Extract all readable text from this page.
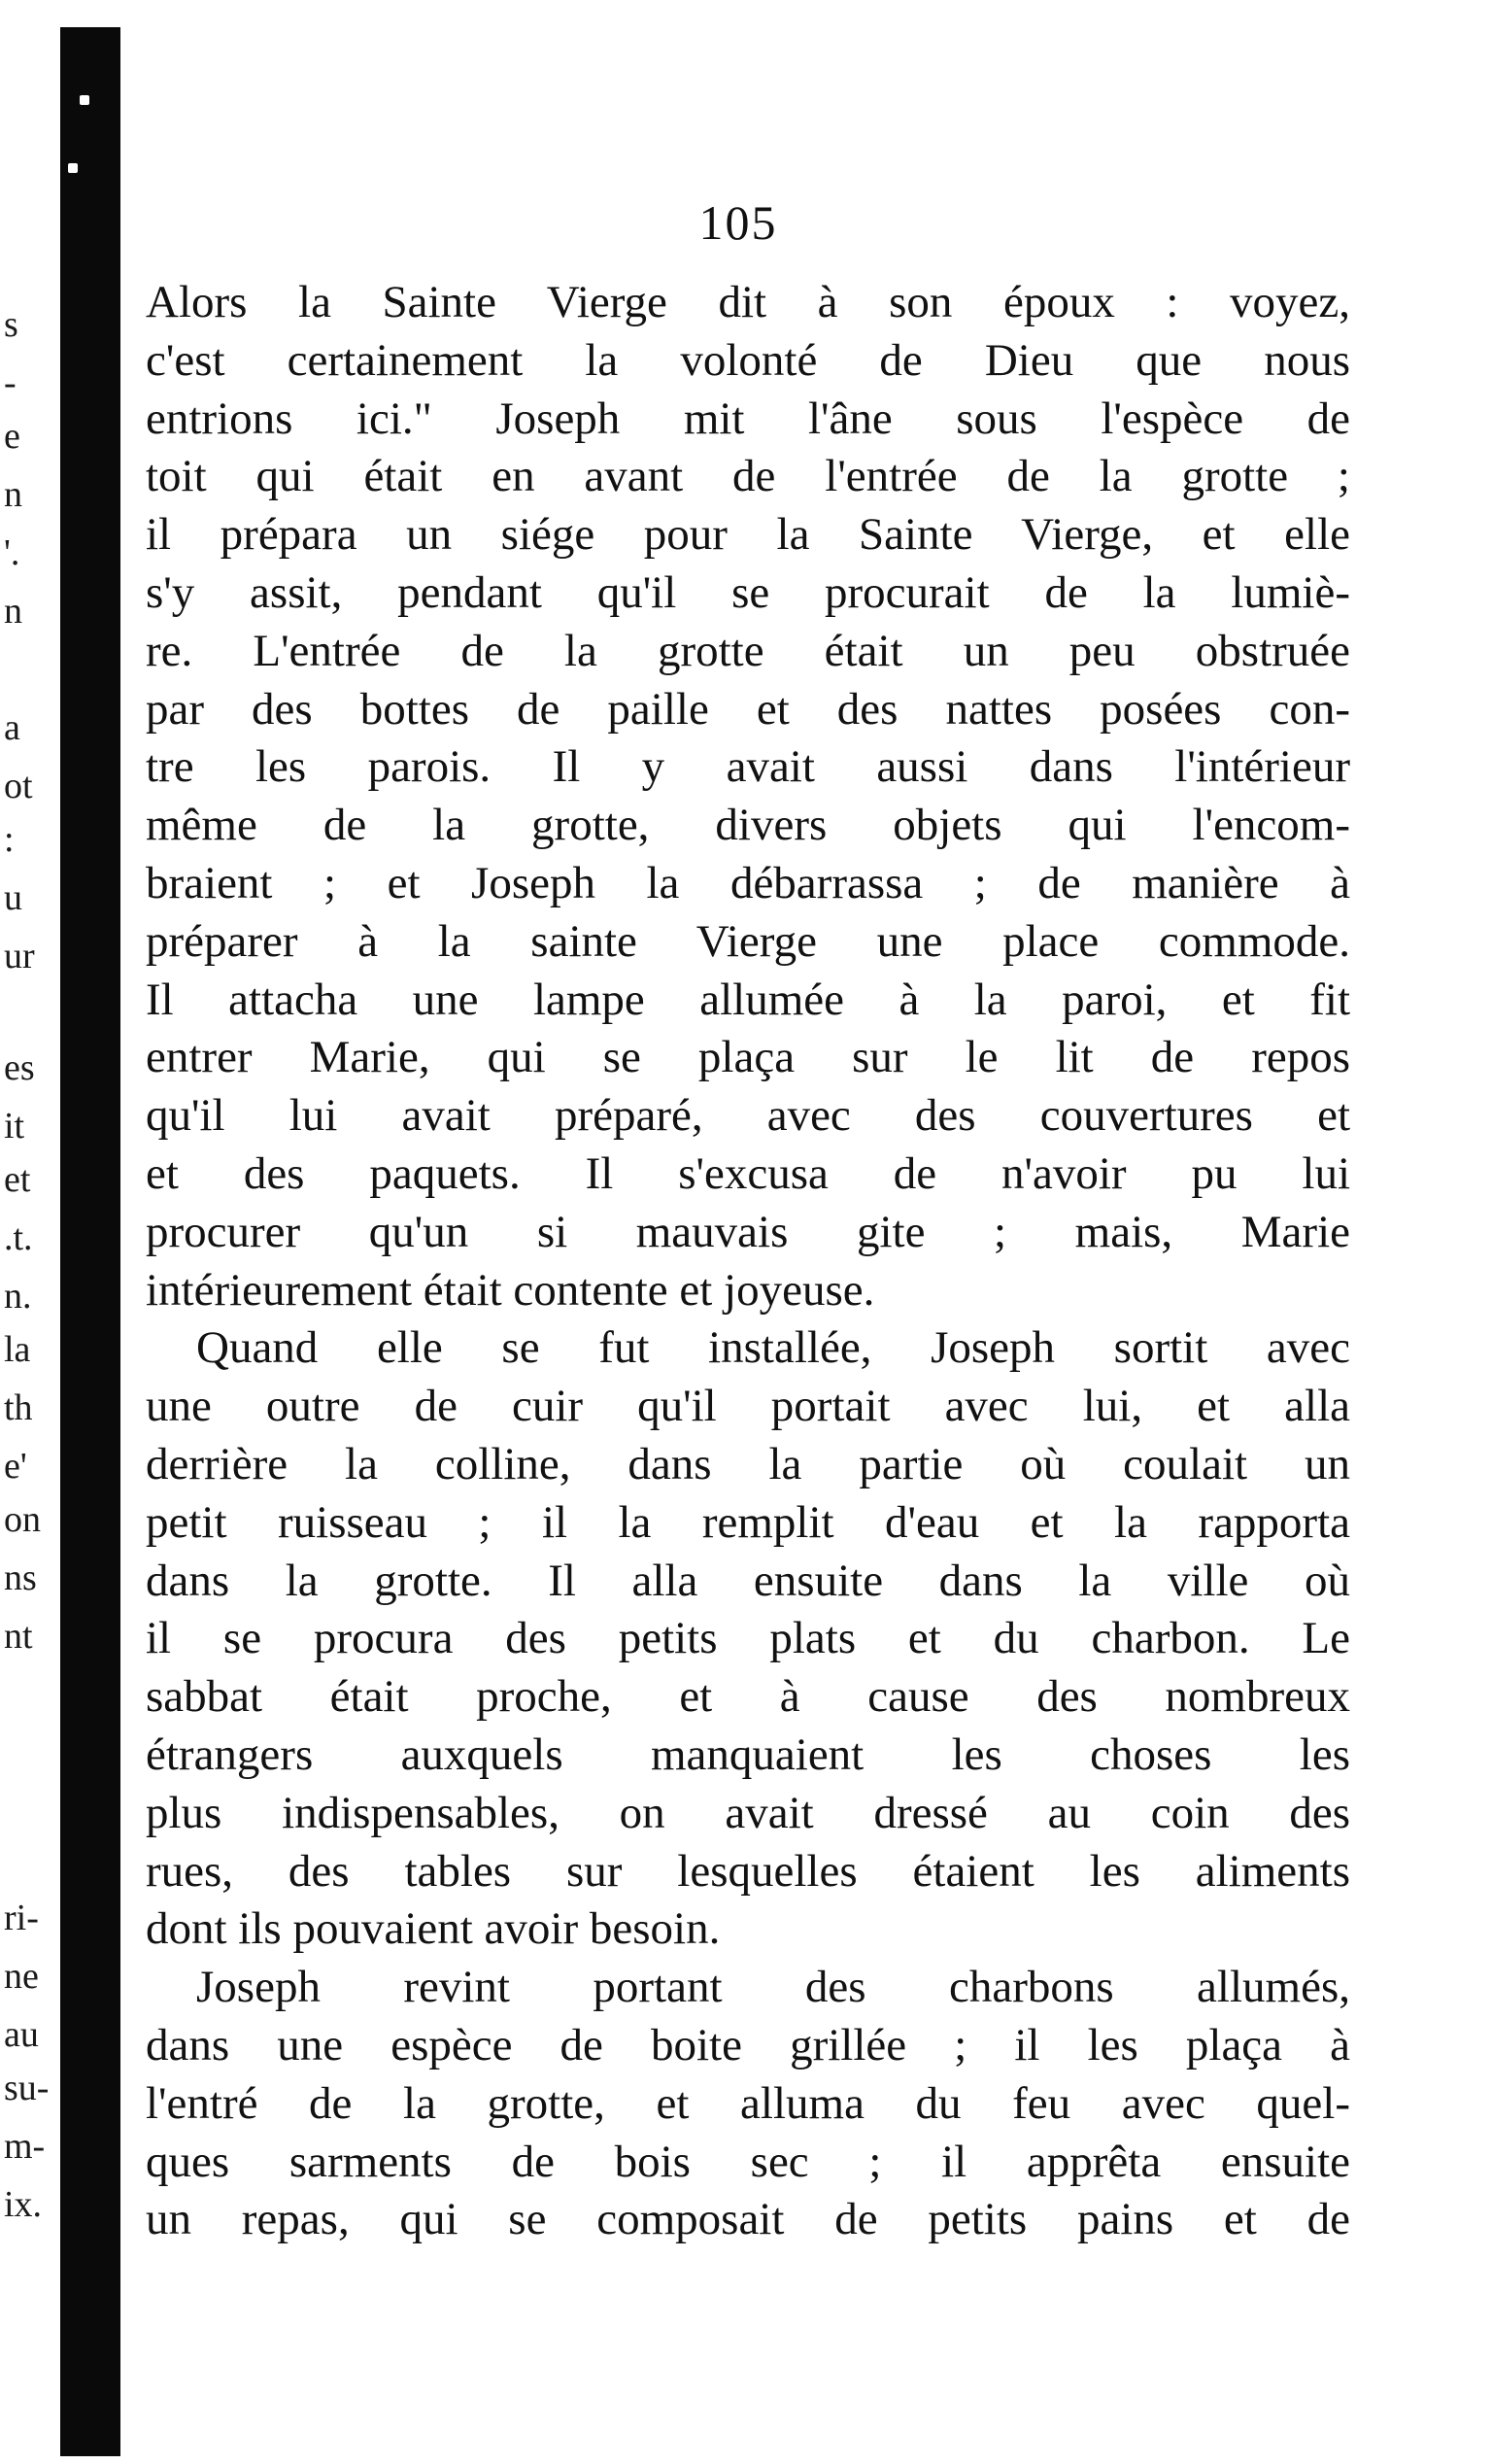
s
-
e
n
'.
n
a
ot
:
u
ur
es
it
et
.t.
n.
la
th
e'
on
ns
nt
ri-
ne
au
su-
m-
ix.
105
Alors la Sainte Vierge dit à son époux : voyez,
c'est certainement la volonté de Dieu que nous
entrions ici." Joseph mit l'âne sous l'espèce de
toit qui était en avant de l'entrée de la grotte ;
il prépara un siége pour la Sainte Vierge, et elle
s'y assit, pendant qu'il se procurait de la lumiè-
re. L'entrée de la grotte était un peu obstruée
par des bottes de paille et des nattes posées con-
tre les parois. Il y avait aussi dans l'intérieur
même de la grotte, divers objets qui l'encom-
braient ; et Joseph la débarrassa ; de manière à
préparer à la sainte Vierge une place commode.
Il attacha une lampe allumée à la paroi, et fit
entrer Marie, qui se plaça sur le lit de repos
qu'il lui avait préparé, avec des couvertures et
et des paquets. Il s'excusa de n'avoir pu lui
procurer qu'un si mauvais gite ; mais, Marie
intérieurement était contente et joyeuse.
Quand elle se fut installée, Joseph sortit avec
une outre de cuir qu'il portait avec lui, et alla
derrière la colline, dans la partie où coulait un
petit ruisseau ; il la remplit d'eau et la rapporta
dans la grotte. Il alla ensuite dans la ville où
il se procura des petits plats et du charbon. Le
sabbat était proche, et à cause des nombreux
étrangers auxquels manquaient les choses les
plus indispensables, on avait dressé au coin des
rues, des tables sur lesquelles étaient les aliments
dont ils pouvaient avoir besoin.
Joseph revint portant des charbons allumés,
dans une espèce de boite grillée ; il les plaça à
l'entré de la grotte, et alluma du feu avec quel-
ques sarments de bois sec ; il apprêta ensuite
un repas, qui se composait de petits pains et de
